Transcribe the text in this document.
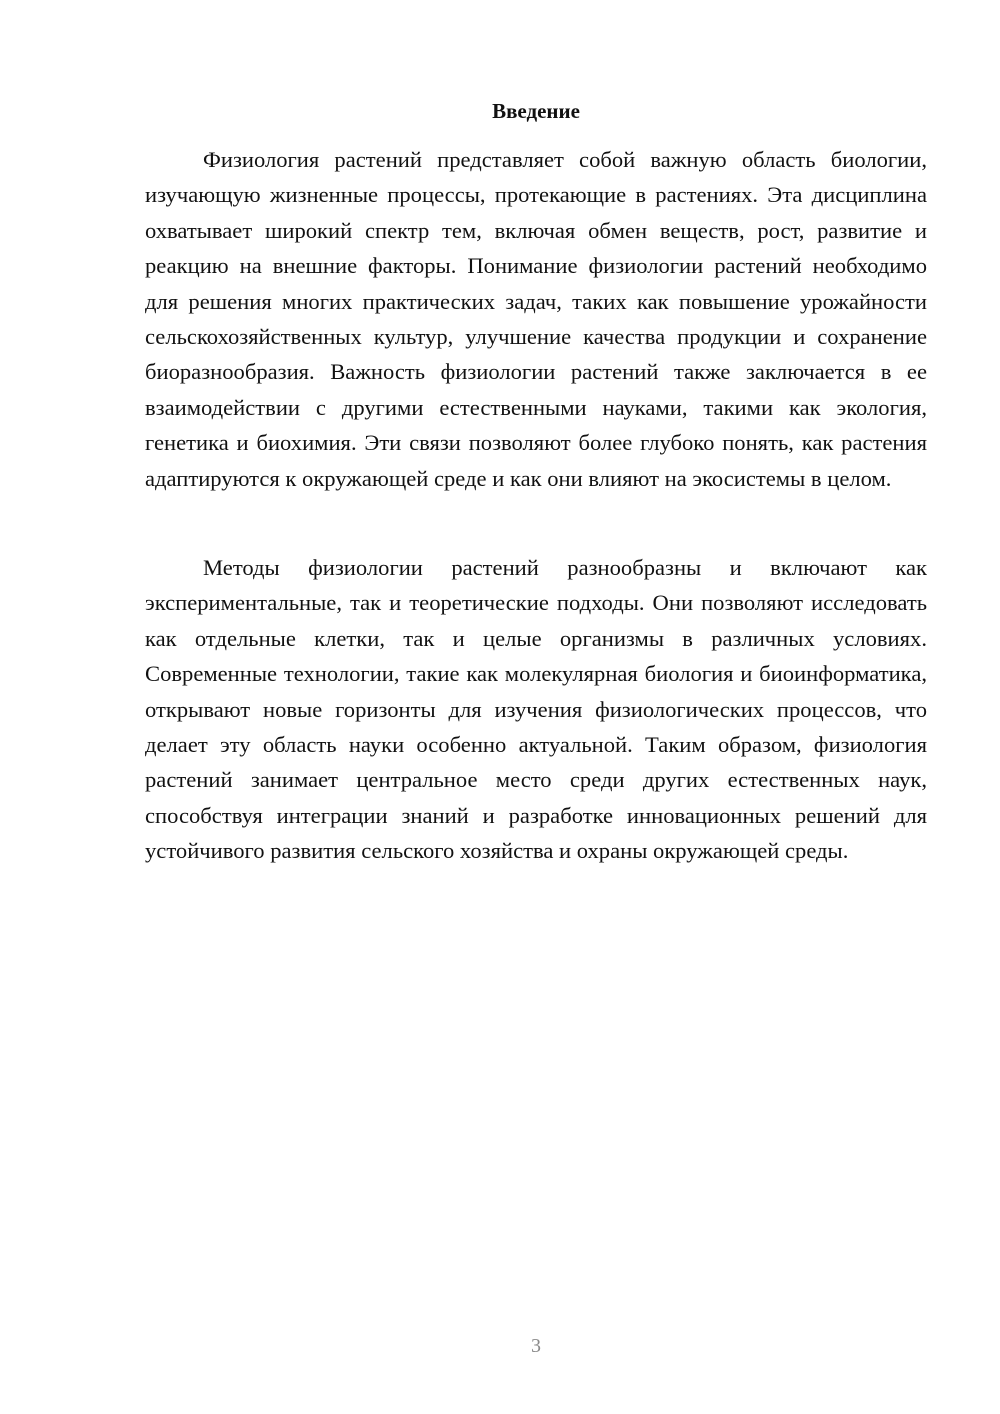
Введение

Физиология растений представляет собой важную область биологии, изучающую жизненные процессы, протекающие в растениях. Эта дисциплина охватывает широкий спектр тем, включая обмен веществ, рост, развитие и реакцию на внешние факторы. Понимание физиологии растений необходимо для решения многих практических задач, таких как повышение урожайности сельскохозяйственных культур, улучшение качества продукции и сохранение биоразнообразия. Важность физиологии растений также заключается в ее взаимодействии с другими естественными науками, такими как экология, генетика и биохимия. Эти связи позволяют более глубоко понять, как растения адаптируются к окружающей среде и как они влияют на экосистемы в целом.

Методы физиологии растений разнообразны и включают как экспериментальные, так и теоретические подходы. Они позволяют исследовать как отдельные клетки, так и целые организмы в различных условиях. Современные технологии, такие как молекулярная биология и биоинформатика, открывают новые горизонты для изучения физиологических процессов, что делает эту область науки особенно актуальной. Таким образом, физиология растений занимает центральное место среди других естественных наук, способствуя интеграции знаний и разработке инновационных решений для устойчивого развития сельского хозяйства и охраны окружающей среды.

3
